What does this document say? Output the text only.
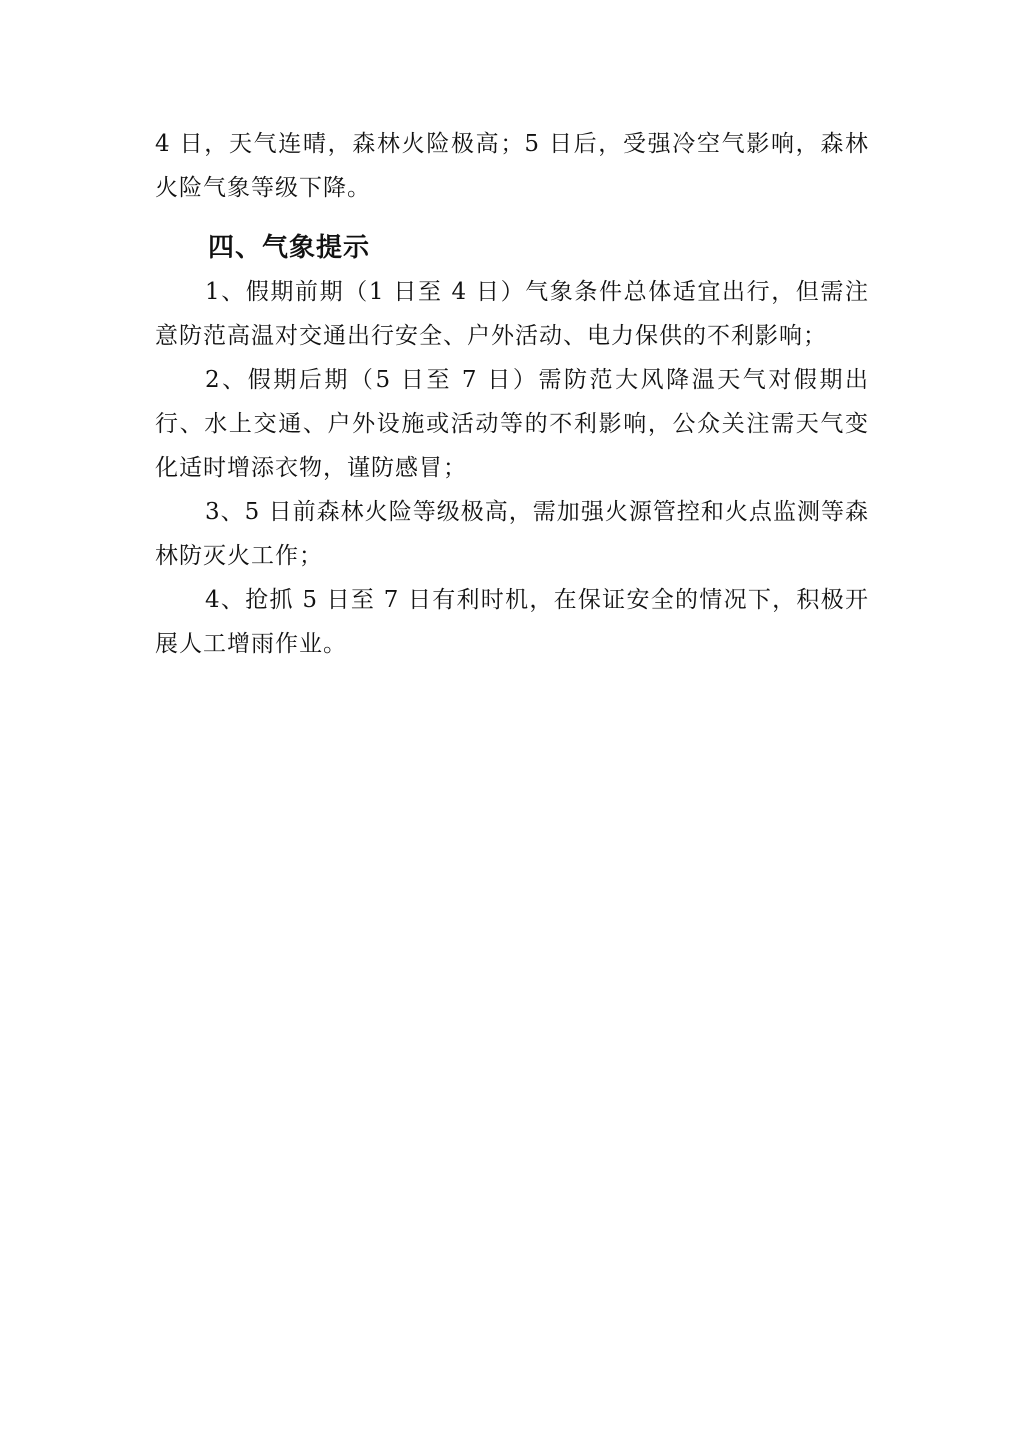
4 日，天气连晴，森林火险极高；5 日后，受强冷空气影响，森林火险气象等级下降。

四、气象提示

1、假期前期（1 日至 4 日）气象条件总体适宜出行，但需注意防范高温对交通出行安全、户外活动、电力保供的不利影响；

2、假期后期（5 日至 7 日）需防范大风降温天气对假期出行、水上交通、户外设施或活动等的不利影响，公众关注需天气变化适时增添衣物，谨防感冒；

3、5 日前森林火险等级极高，需加强火源管控和火点监测等森林防灭火工作；

4、抢抓 5 日至 7 日有利时机，在保证安全的情况下，积极开展人工增雨作业。
